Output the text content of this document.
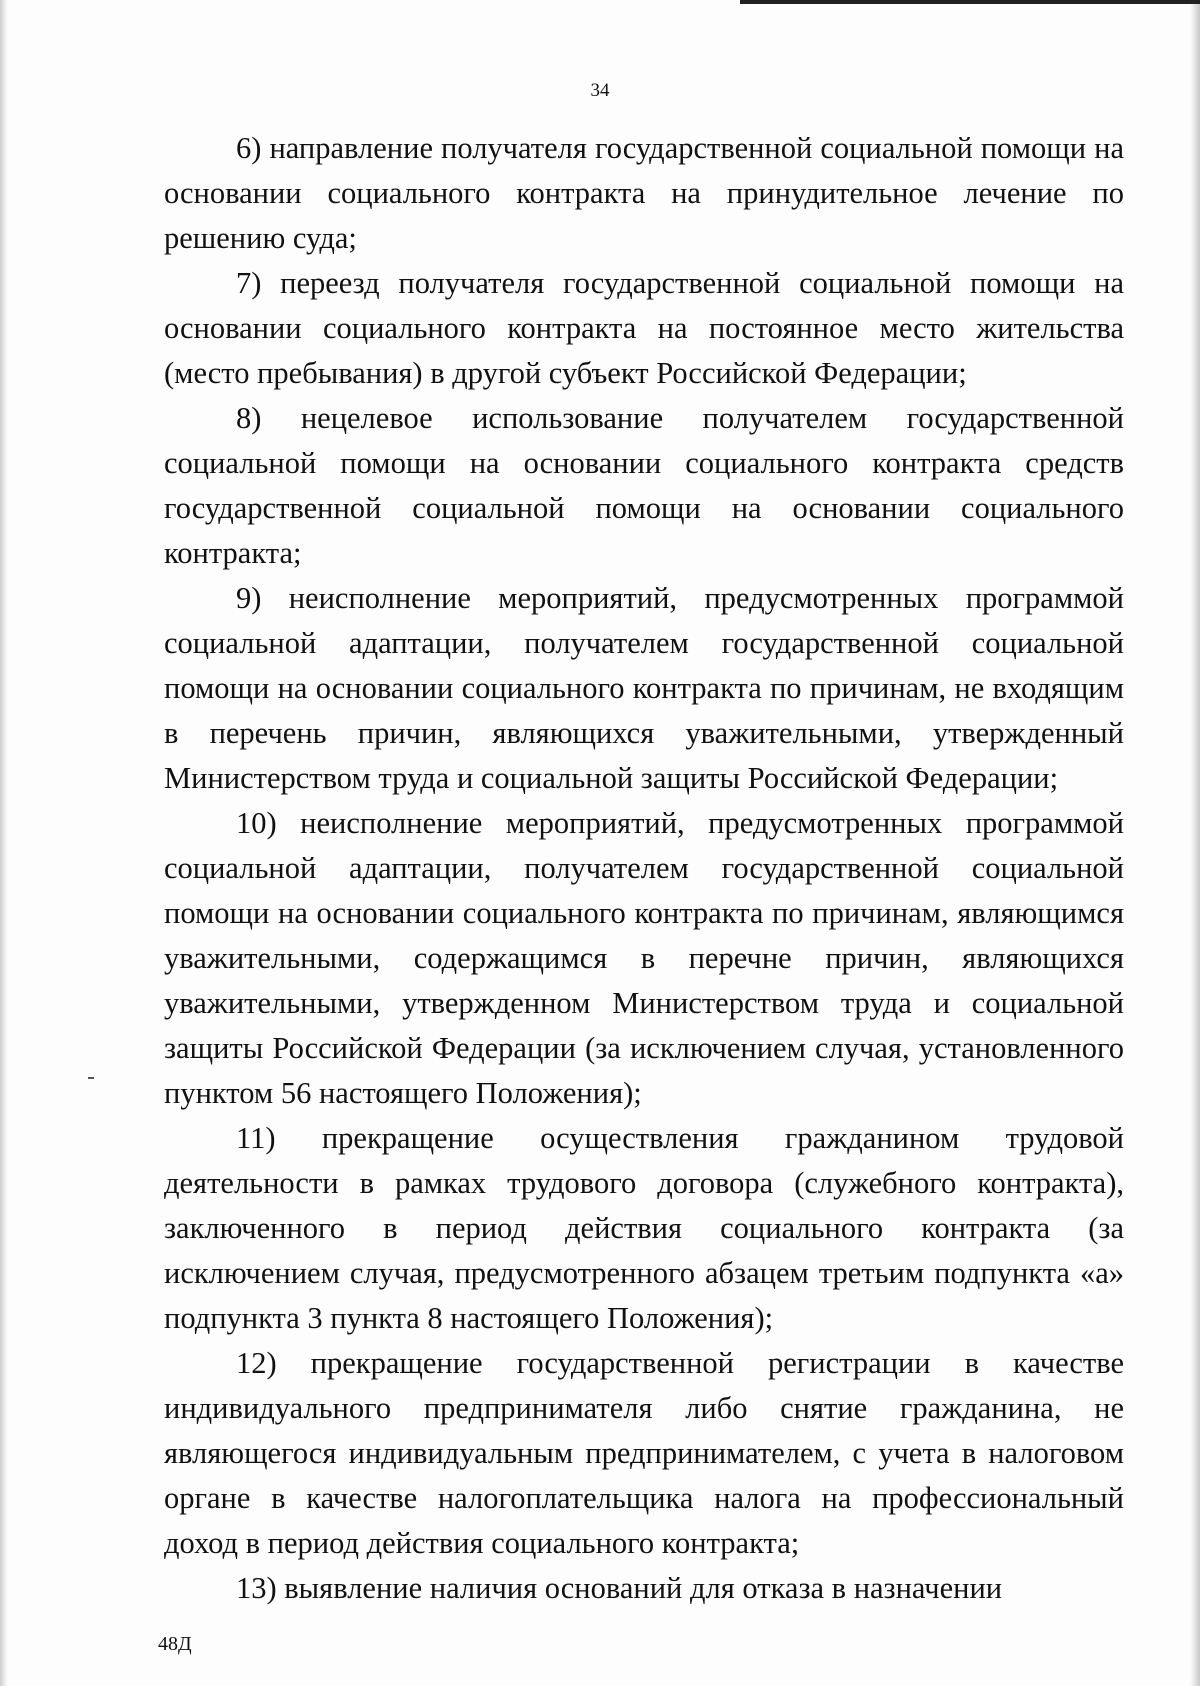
34

6) направление получателя государственной социальной помощи на основании социального контракта на принудительное лечение по решению суда;

7) переезд получателя государственной социальной помощи на основании социального контракта на постоянное место жительства (место пребывания) в другой субъект Российской Федерации;

8) нецелевое использование получателем государственной социальной помощи на основании социального контракта средств государственной социальной помощи на основании социального контракта;

9) неисполнение мероприятий, предусмотренных программой социальной адаптации, получателем государственной социальной помощи на основании социального контракта по причинам, не входящим в перечень причин, являющихся уважительными, утвержденный Министерством труда и социальной защиты Российской Федерации;

10) неисполнение мероприятий, предусмотренных программой социальной адаптации, получателем государственной социальной помощи на основании социального контракта по причинам, являющимся уважительными, содержащимся в перечне причин, являющихся уважительными, утвержденном Министерством труда и социальной защиты Российской Федерации (за исключением случая, установленного пунктом 56 настоящего Положения);

11) прекращение осуществления гражданином трудовой деятельности в рамках трудового договора (служебного контракта), заключенного в период действия социального контракта (за исключением случая, предусмотренного абзацем третьим подпункта «а» подпункта 3 пункта 8 настоящего Положения);

12) прекращение государственной регистрации в качестве индивидуального предпринимателя либо снятие гражданина, не являющегося индивидуальным предпринимателем, с учета в налоговом органе в качестве налогоплательщика налога на профессиональный доход в период действия социального контракта;

13) выявление наличия оснований для отказа в назначении

48Д
